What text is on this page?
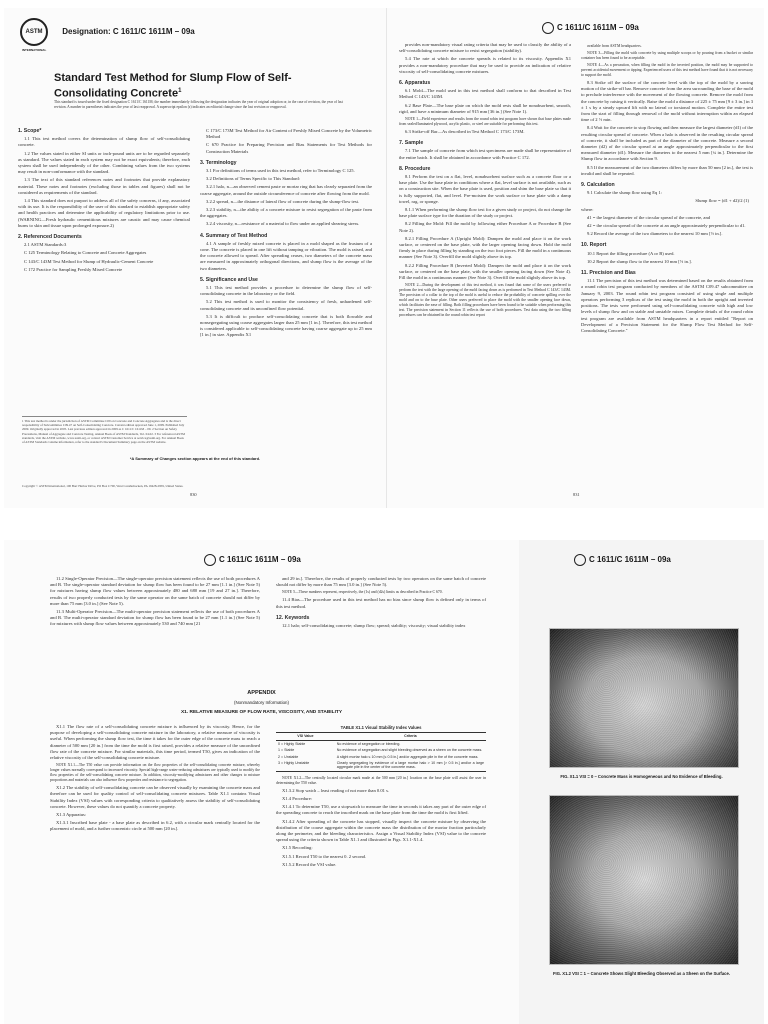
ASTM Designation: C 1611/C 1611M – 09a
INTERNATIONAL
Standard Test Method for Slump Flow of Self-Consolidating Concrete$^1$
This standard is issued under the fixed designation C 1611/C 1611M; the number immediately following the designation indicates the year of original adoption or, in the case of revision, the year of last revision. A number in parentheses indicates the year of last reapproval. A superscript epsilon (ε) indicates an editorial change since the last revision or reapproval.
1. Scope*

1.1 This test method covers the determination of slump flow of self-consolidating concrete.

1.2 The values stated in either SI units or inch-pound units are to be regarded separately as standard. The values stated in each system may not be exact equivalents; therefore, each system shall be used independently of the other. Combining values from the two systems may result in non-conformance with the standard.

1.3 The text of this standard references notes and footnotes that provide explanatory material. These notes and footnotes (excluding those in tables and figures) shall not be considered as requirements of the standard.

1.4 This standard does not purport to address all of the safety concerns, if any, associated with its use. It is the responsibility of the user of this standard to establish appropriate safety and health practices and determine the applicability of regulatory limitations prior to use. (WARNING—Fresh hydraulic cementitious mixtures are caustic and may cause chemical burns to skin and tissue upon prolonged exposure.2)

2. Referenced Documents

2.1 ASTM Standards:3

C 125 Terminology Relating to Concrete and Concrete Aggregates

C 143/C 143M Test Method for Slump of Hydraulic-Cement Concrete

C 172 Practice for Sampling Freshly Mixed Concrete

C 173/C 173M Test Method for Air Content of Freshly Mixed Concrete by the Volumetric Method

C 670 Practice for Preparing Precision and Bias Statements for Test Methods for Construction Materials

3. Terminology

3.1 For definitions of terms used in this test method, refer to Terminology C 125.

3.2 Definitions of Terms Specific to This Standard:

3.2.1 halo, n—an observed cement paste or mortar ring that has clearly separated from the coarse aggregate, around the outside circumference of concrete after flowing from the mold.

3.2.2 spread, n—the distance of lateral flow of concrete during the slump-flow test.

3.2.3 stability, n—the ability of a concrete mixture to resist segregation of the paste from the aggregates.

3.2.4 viscosity, n—resistance of a material to flow under an applied shearing stress.

4. Summary of Test Method

4.1 A sample of freshly mixed concrete is placed in a mold shaped as the frustum of a cone. The concrete is placed in one lift without tamping or vibration. The mold is raised, and the concrete allowed to spread. After spreading ceases, two diameters of the concrete mass are measured in approximately orthogonal directions, and slump flow is the average of the two diameters.

5. Significance and Use

5.1 This test method provides a procedure to determine the slump flow of self-consolidating concrete in the laboratory or the field.

5.2 This test method is used to monitor the consistency of fresh, unhardened self-consolidating concrete and its unconfined flow potential.

5.3 It is difficult to produce self-consolidating concrete that is both flowable and nonsegregating using coarse aggregates larger than 25 mm [1 in.]. Therefore, this test method is considered applicable to self-consolidating concrete having coarse aggregate up to 25 mm [1 in.] in size. Appendix X1

1 This test method is under the jurisdiction of ASTM Committee C09 on Concrete and Concrete Aggregates and is the direct responsibility of Subcommittee C09.47 on Self-Consolidating Concrete. Current edition approved June 1, 2009. Published July 2009. Originally approved in 2005. Last previous edition approved in 2009 as C 1611/C 1611M – 09. 2 Section on Safety Precautions, Manual of Aggregate and Concrete Testing, Annual Book of ASTM Standards, Vol. 04.02. 3 For referenced ASTM standards, visit the ASTM website, www.astm.org, or contact ASTM Customer Service at service@astm.org. For Annual Book of ASTM Standards volume information, refer to the standard's Document Summary page on the ASTM website.
*A Summary of Changes section appears at the end of this standard.
Copyright © ASTM International, 100 Barr Harbor Drive, PO Box C700, West Conshohocken, PA 19428-2959, United States.
830
C 1611/C 1611M – 09a

provides non-mandatory visual rating criteria that may be used to classify the ability of a self-consolidating concrete mixture to resist segregation (stability).

5.4 The rate at which the concrete spreads is related to its viscosity. Appendix X1 provides a non-mandatory procedure that may be used to provide an indication of relative viscosity of self-consolidating concrete mixtures.

6. Apparatus

6.1 Mold—The mold used in this test method shall conform to that described in Test Method C 143/C 143M.

6.2 Base Plate—The base plate on which the mold rests shall be nonabsorbent, smooth, rigid, and have a minimum diameter of 915 mm [36 in.] (See Note 1).

NOTE 1—Field experience and results from the round robin test program have shown that base plates made from sealed/laminated plywood, acrylic plastic, or steel are suitable for performing this test.

6.3 Strike-off Bar—As described in Test Method C 173/C 173M.

7. Sample

7.1 The sample of concrete from which test specimens are made shall be representative of the entire batch. It shall be obtained in accordance with Practice C 172.

8. Procedure

8.1 Perform the test on a flat, level, nonabsorbent surface such as a concrete floor or a base plate. Use the base plate in conditions where a flat, level surface is not available, such as on a construction site. When the base plate is used, position and shim the base plate so that it is fully supported, flat, and level. Pre-moisten the work surface or base plate with a damp towel, rag, or sponge.

8.1.1 When performing the slump flow test for a given study or project, do not change the base plate surface type for the duration of the study or project.

8.2 Filling the Mold: Fill the mold by following either Procedure A or Procedure B (See Note 2).

8.2.1 Filling Procedure A (Upright Mold): Dampen the mold and place it on the work surface, or centered on the base plate, with the larger opening facing down. Hold the mold firmly in place during filling by standing on the two foot pieces. Fill the mold in a continuous manner (See Note 3). Overfill the mold slightly above its top.

8.2.2 Filling Procedure B (Inverted Mold): Dampen the mold and place it on the work surface, or centered on the base plate, with the smaller opening facing down (See Note 4). Fill the mold in a continuous manner (See Note 3). Overfill the mold slightly above its top.

NOTE 2—During the development of this test method, it was found that some of the users preferred to perform the test with the large opening of the mold facing down as is performed in Test Method C 143/C 143M. The provision of a collar to the top of the mold is useful to reduce the probability of concrete spilling over the mold and on to the base plate. Other users preferred to place the mold with the smaller opening face down, which facilitates the ease of filling. Both filling procedures have been found to be suitable when performing this test. The precision statement in Section 11 reflects the use of both procedures. Test data using the two filling procedures can be obtained in the round robin test report

available from ASTM headquarters.

NOTE 3—Filling the mold with concrete by using multiple scoops or by pouring from a bucket or similar container has been found to be acceptable.

NOTE 4—As a precaution, when filling the mold in the inverted position, the mold may be supported to prevent accidental movement or tipping. Experienced users of this test method have found that it is not necessary to support the mold.

8.3 Strike off the surface of the concrete level with the top of the mold by a sawing motion of the strike-off bar. Remove concrete from the area surrounding the base of the mold to preclude interference with the movement of the flowing concrete. Remove the mold from the concrete by raising it vertically. Raise the mold a distance of 225 ± 75 mm [9 ± 3 in.] in 3 ± 1 s by a steady upward lift with no lateral or torsional motion. Complete the entire test from the start of filling through removal of the mold without interruption within an elapsed time of 2 ½ min.

8.4 Wait for the concrete to stop flowing and then measure the largest diameter (d1) of the resulting circular spread of concrete. When a halo is observed in the resulting circular spread of concrete, it shall be included as part of the diameter of the concrete. Measure a second diameter (d2) of the circular spread at an angle approximately perpendicular to the first measured diameter (d1). Measure the diameters to the nearest 5 mm [¼ in.]. Determine the Slump flow in accordance with Section 9.

8.5 If the measurement of the two diameters differs by more than 50 mm [2 in.], the test is invalid and shall be repeated.

9. Calculation

9.1 Calculate the slump flow using Eq 1:

Slump flow = (d1 + d2)/2 (1)

where:

d1 = the largest diameter of the circular spread of the concrete, and

d2 = the circular spread of the concrete at an angle approximately perpendicular to d1.

9.2 Record the average of the two diameters to the nearest 10 mm [½ in.].

10. Report

10.1 Report the filling procedure (A or B) used.

10.2 Report the slump flow to the nearest 10 mm [½ in.].

11. Precision and Bias

11.1 The precision of this test method was determined based on the results obtained from a round robin test program conducted by members of the ASTM C09.47 subcommittee on January 9, 2003. The round robin test program consisted of using single and multiple operators performing 3 replicas of the test using the mold in both the upright and inverted positions. The tests were performed using self-consolidating concrete with high and low levels of slump flow and on stable and unstable mixes. Complete details of the round robin test program are available from ASTM headquarters in a report entitled "Report on Development of a Precision Statement for the Slump Flow Test Method for Self-Consolidating Concrete."

831
C 1611/C 1611M – 09a

11.2 Single-Operator Precision—The single-operator precision statement reflects the use of both procedures A and B. The single-operator standard deviation for slump flow has been found to be 27 mm [1.1 in.] (See Note 5) for mixtures having slump flow values between approximately 480 and 680 mm [19 and 27 in.]. Therefore, results of two properly conducted tests by the same operator on the same batch of concrete should not differ by more than 75 mm [3.0 in.] (See Note 5).

11.3 Multi-Operator Precision—The multi-operator precision statement reflects the use of both procedures A and B. The multi-operator standard deviation for slump flow has been found to be 27 mm [1.1 in.] (See Note 5) for mixtures with slump flow values between approximately 530 and 740 mm [21

and 29 in.]. Therefore, the results of properly conducted tests by two operators on the same batch of concrete should not differ by more than 75 mm [3.0 in.] (See Note 5).

NOTE 5—These numbers represent, respectively, the (1s) and (d2s) limits as described in Practice C 670.

11.4 Bias—The procedure used in this test method has no bias since slump flow is defined only in terms of this test method.

12. Keywords

12.1 halo; self-consolidating concrete; slump flow; spread; stability; viscosity; visual stability index

APPENDIX
(Nonmandatory Information)
X1. RELATIVE MEASURE OF FLOW RATE, VISCOSITY, AND STABILITY

X1.1 The flow rate of a self-consolidating concrete mixture is influenced by its viscosity. Hence, for the purpose of developing a self-consolidating concrete mixture in the laboratory, a relative measure of viscosity is useful. When performing the slump flow test, the time it takes for the outer edge of the concrete mass to reach a diameter of 500 mm [20 in.] from the time the mold is first raised, provides a relative measure of the unconfined flow rate of the concrete mixture. For similar materials, this time period, termed T50, gives an indication of the relative viscosity of the self-consolidating concrete mixture.

NOTE X1.1—The T50 value can provide information on the flow properties of the self-consolidating concrete mixture, whereby longer values normally correspond to increased viscosity. Special high-range water-reducing admixtures are typically used to modify the flow properties of the self-consolidating concrete mixture. In addition, viscosity-modifying admixtures and other changes to mixture proportions and materials can also influence flow properties and resistance to segregation.

X1.2 The stability of self-consolidating concrete can be observed visually by examining the concrete mass and therefore can be used for quality control of self-consolidating concrete mixtures. Table X1.1 contains Visual Stability Index (VSI) values with corresponding criteria to qualitatively assess the stability of self-consolidating concrete. However, these values do not quantify a concrete property.

X1.3 Apparatus:

X1.3.1 Inscribed base plate - a base plate as described in 6.2, with a circular mark centrally located for the placement of mold, and a further concentric circle at 500 mm [20 in.].

TABLE X1.1 Visual Stability Index Values
VSI Value	Criteria
0 = Highly Stable	No evidence of segregation or bleeding.
1 = Stable	No evidence of segregation and slight bleeding observed as a sheen on the concrete mass.
2 = Unstable	A slight mortar halo ≤ 10 mm [≤ 0.5 in.] and/or aggregate pile in the of the concrete mass.
3 = Highly Unstable	Clearly segregating by evidence of a large mortar halo > 10 mm [> 0.5 in.] and/or a large aggregate pile in the center of the concrete mass.

NOTE X1.2—The centrally located circular mark made at the 500 mm [20 in.] location on the base plate will assist the user in determining the T50 value.

X1.3.2 Stop watch – least reading of not more than 0.01 s.

X1.4 Procedure:

X1.4.1 To determine T50, use a stopwatch to measure the time in seconds it takes any part of the outer edge of the spreading concrete to reach the inscribed mark on the base plate from the time the mold is first lifted.

X1.4.2 After spreading of the concrete has stopped, visually inspect the concrete mixture by observing the distribution of the coarse aggregate within the concrete mass the distribution of the mortar fraction particularly along the perimeter, and the bleeding characteristics. Assign a Visual Stability Index (VSI) value to the concrete spread using the criteria shown in Table X1.1 and illustrated in Figs. X1.1-X1.4.

X1.5 Recording:

X1.5.1 Record T50 to the nearest 0. 2 second.

X1.5.2 Record the VSI value.

C 1611/C 1611M – 09a
FIG. X1.1 VSI = 0 – Concrete Mass is Homogeneous and No Evidence of Bleeding.
FIG. X1.2 VSI = 1 – Concrete Shows Slight Bleeding Observed as a Sheen on the Surface.
